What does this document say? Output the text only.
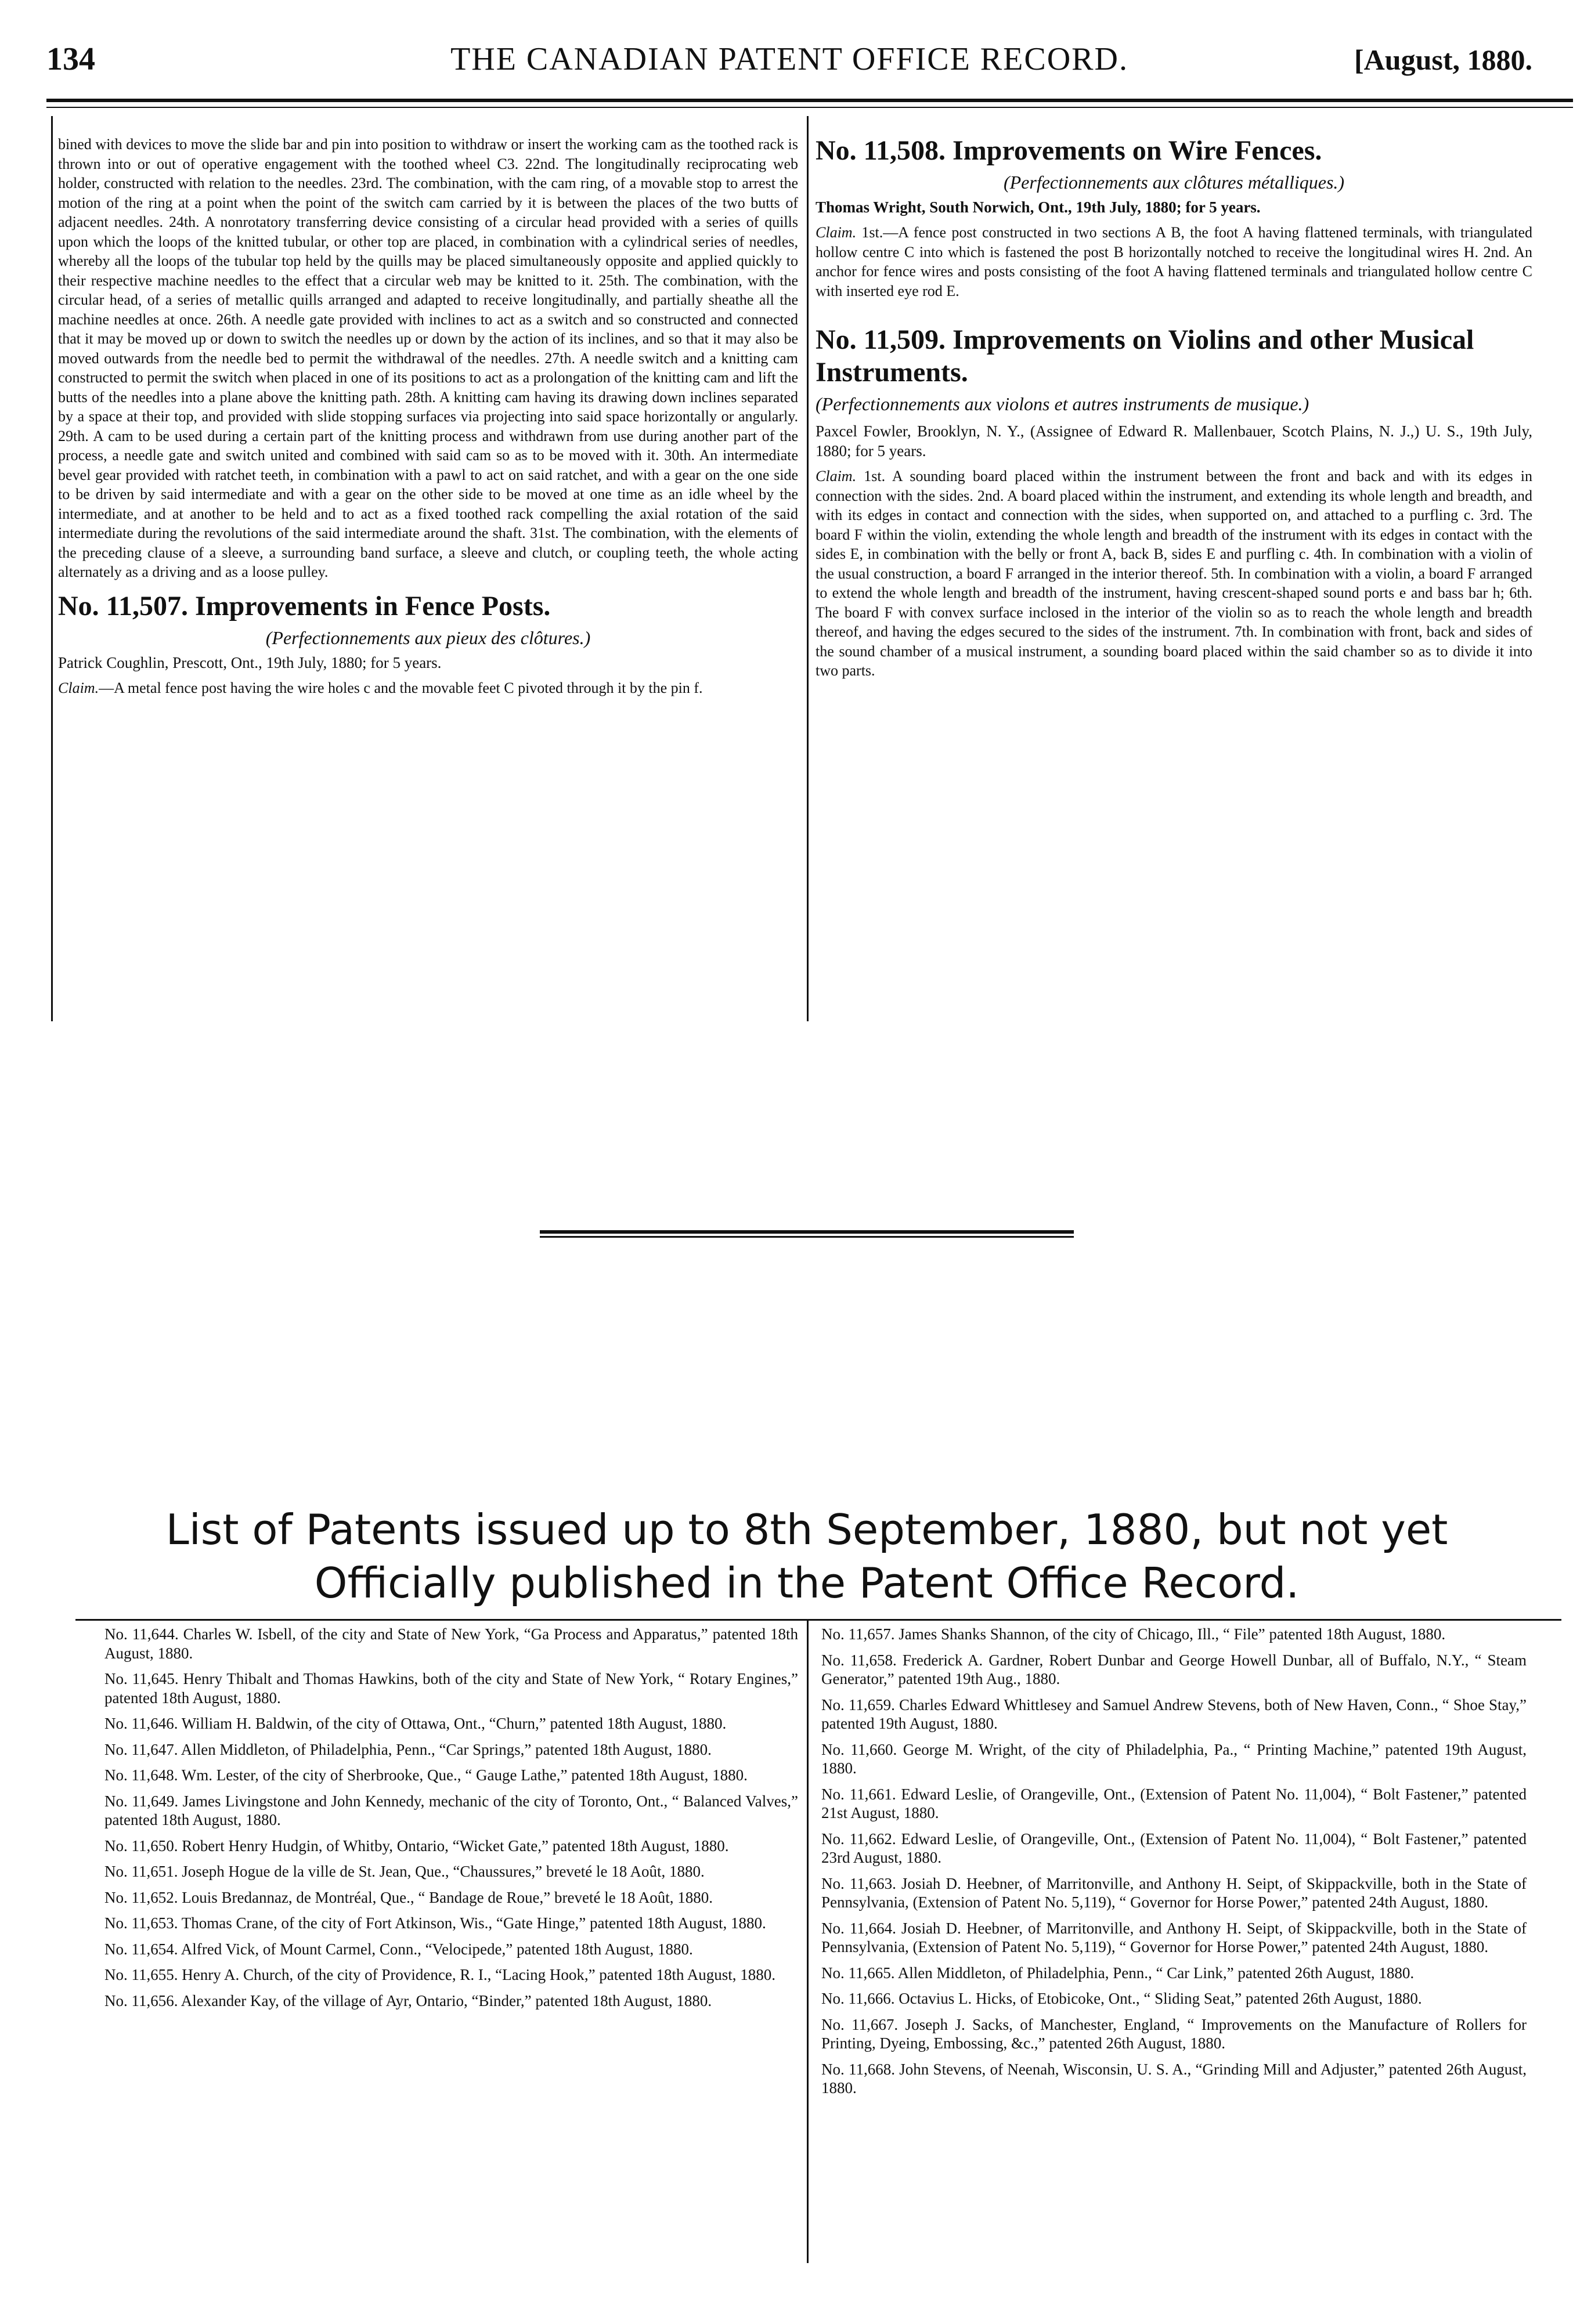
134	THE CANADIAN PATENT OFFICE RECORD.	[August, 1880.

bined with devices to move the slide bar and pin into position to withdraw or insert the working cam as the toothed rack is thrown into or out of operative engagement with the toothed wheel C3. 22nd. The longitudinally reciprocating web holder, constructed with relation to the needles. 23rd. The combination, with the cam ring, of a movable stop to arrest the motion of the ring at a point when the point of the switch cam carried by it is between the places of the two butts of adjacent needles. 24th. A nonrotatory transferring device consisting of a circular head provided with a series of quills upon which the loops of the knitted tubular, or other top are placed, in combination with a cylindrical series of needles, whereby all the loops of the tubular top held by the quills may be placed simultaneously opposite and applied quickly to their respective machine needles to the effect that a circular web may be knitted to it. 25th. The combination, with the circular head, of a series of metallic quills arranged and adapted to receive longitudinally, and partially sheathe all the machine needles at once. 26th. A needle gate provided with inclines to act as a switch and so constructed and connected that it may be moved up or down to switch the needles up or down by the action of its inclines, and so that it may also be moved outwards from the needle bed to permit the withdrawal of the needles. 27th. A needle switch and a knitting cam constructed to permit the switch when placed in one of its positions to act as a prolongation of the knitting cam and lift the butts of the needles into a plane above the knitting path. 28th. A knitting cam having its drawing down inclines separated by a space at their top, and provided with slide stopping surfaces via projecting into said space horizontally or angularly. 29th. A cam to be used during a certain part of the knitting process and withdrawn from use during another part of the process, a needle gate and switch united and combined with said cam so as to be moved with it. 30th. An intermediate bevel gear provided with ratchet teeth, in combination with a pawl to act on said ratchet, and with a gear on the one side to be driven by said intermediate and with a gear on the other side to be moved at one time as an idle wheel by the intermediate, and at another to be held and to act as a fixed toothed rack compelling the axial rotation of the said intermediate during the revolutions of the said intermediate around the shaft. 31st. The combination, with the elements of the preceding clause of a sleeve, a surrounding band surface, a sleeve and clutch, or coupling teeth, the whole acting alternately as a driving and as a loose pulley.

No. 11,507. Improvements in Fence Posts.
(Perfectionnements aux pieux des clôtures.)
Patrick Coughlin, Prescott, Ont., 19th July, 1880; for 5 years.

Claim.—A metal fence post having the wire holes c and the movable feet C pivoted through it by the pin f.

No. 11,508. Improvements on Wire Fences.
(Perfectionnements aux clôtures métalliques.)
Thomas Wright, South Norwich, Ont., 19th July, 1880; for 5 years.

Claim. 1st.—A fence post constructed in two sections A B, the foot A having flattened terminals, with triangulated hollow centre C into which is fastened the post B horizontally notched to receive the longitudinal wires H. 2nd. An anchor for fence wires and posts consisting of the foot A having flattened terminals and triangulated hollow centre C with inserted eye rod E.

No. 11,509. Improvements on Violins and other Musical Instruments.
(Perfectionnements aux violons et autres instruments de musique.)
Paxcel Fowler, Brooklyn, N. Y., (Assignee of Edward R. Mallenbauer, Scotch Plains, N. J.,) U. S., 19th July, 1880; for 5 years.

Claim. 1st. A sounding board placed within the instrument between the front and back and with its edges in connection with the sides. 2nd. A board placed within the instrument, and extending its whole length and breadth, and with its edges in contact and connection with the sides, when supported on, and attached to a purfling c. 3rd. The board F within the violin, extending the whole length and breadth of the instrument with its edges in contact with the sides E, in combination with the belly or front A, back B, sides E and purfling c. 4th. In combination with a violin of the usual construction, a board F arranged in the interior thereof. 5th. In combination with a violin, a board F arranged to extend the whole length and breadth of the instrument, having crescent-shaped sound ports e and bass bar h; 6th. The board F with convex surface inclosed in the interior of the violin so as to reach the whole length and breadth thereof, and having the edges secured to the sides of the instrument. 7th. In combination with front, back and sides of the sound chamber of a musical instrument, a sounding board placed within the said chamber so as to divide it into two parts.

List of Patents issued up to 8th September, 1880, but not yet
Officially published in the Patent Office Record.

No. 11,644. Charles W. Isbell, of the city and State of New York, “Ga Process and Apparatus,” patented 18th August, 1880.

No. 11,645. Henry Thibalt and Thomas Hawkins, both of the city and State of New York, “ Rotary Engines,” patented 18th August, 1880.

No. 11,646. William H. Baldwin, of the city of Ottawa, Ont., “Churn,” patented 18th August, 1880.

No. 11,647. Allen Middleton, of Philadelphia, Penn., “Car Springs,” patented 18th August, 1880.

No. 11,648. Wm. Lester, of the city of Sherbrooke, Que., “ Gauge Lathe,” patented 18th August, 1880.

No. 11,649. James Livingstone and John Kennedy, mechanic of the city of Toronto, Ont., “ Balanced Valves,” patented 18th August, 1880.

No. 11,650. Robert Henry Hudgin, of Whitby, Ontario, “Wicket Gate,” patented 18th August, 1880.

No. 11,651. Joseph Hogue de la ville de St. Jean, Que., “Chaussures,” breveté le 18 Août, 1880.

No. 11,652. Louis Bredannaz, de Montréal, Que., “ Bandage de Roue,” breveté le 18 Août, 1880.

No. 11,653. Thomas Crane, of the city of Fort Atkinson, Wis., “Gate Hinge,” patented 18th August, 1880.

No. 11,654. Alfred Vick, of Mount Carmel, Conn., “Velocipede,” patented 18th August, 1880.

No. 11,655. Henry A. Church, of the city of Providence, R. I., “Lacing Hook,” patented 18th August, 1880.

No. 11,656. Alexander Kay, of the village of Ayr, Ontario, “Binder,” patented 18th August, 1880.

No. 11,657. James Shanks Shannon, of the city of Chicago, Ill., “ File” patented 18th August, 1880.

No. 11,658. Frederick A. Gardner, Robert Dunbar and George Howell Dunbar, all of Buffalo, N.Y., “ Steam Generator,” patented 19th Aug., 1880.

No. 11,659. Charles Edward Whittlesey and Samuel Andrew Stevens, both of New Haven, Conn., “ Shoe Stay,” patented 19th August, 1880.

No. 11,660. George M. Wright, of the city of Philadelphia, Pa., “ Printing Machine,” patented 19th August, 1880.

No. 11,661. Edward Leslie, of Orangeville, Ont., (Extension of Patent No. 11,004), “ Bolt Fastener,” patented 21st August, 1880.

No. 11,662. Edward Leslie, of Orangeville, Ont., (Extension of Patent No. 11,004), “ Bolt Fastener,” patented 23rd August, 1880.

No. 11,663. Josiah D. Heebner, of Marritonville, and Anthony H. Seipt, of Skippackville, both in the State of Pennsylvania, (Extension of Patent No. 5,119), “ Governor for Horse Power,” patented 24th August, 1880.

No. 11,664. Josiah D. Heebner, of Marritonville, and Anthony H. Seipt, of Skippackville, both in the State of Pennsylvania, (Extension of Patent No. 5,119), “ Governor for Horse Power,” patented 24th August, 1880.

No. 11,665. Allen Middleton, of Philadelphia, Penn., “ Car Link,” patented 26th August, 1880.

No. 11,666. Octavius L. Hicks, of Etobicoke, Ont., “ Sliding Seat,” patented 26th August, 1880.

No. 11,667. Joseph J. Sacks, of Manchester, England, “ Improvements on the Manufacture of Rollers for Printing, Dyeing, Embossing, &c.,” patented 26th August, 1880.

No. 11,668. John Stevens, of Neenah, Wisconsin, U. S. A., “Grinding Mill and Adjuster,” patented 26th August, 1880.
